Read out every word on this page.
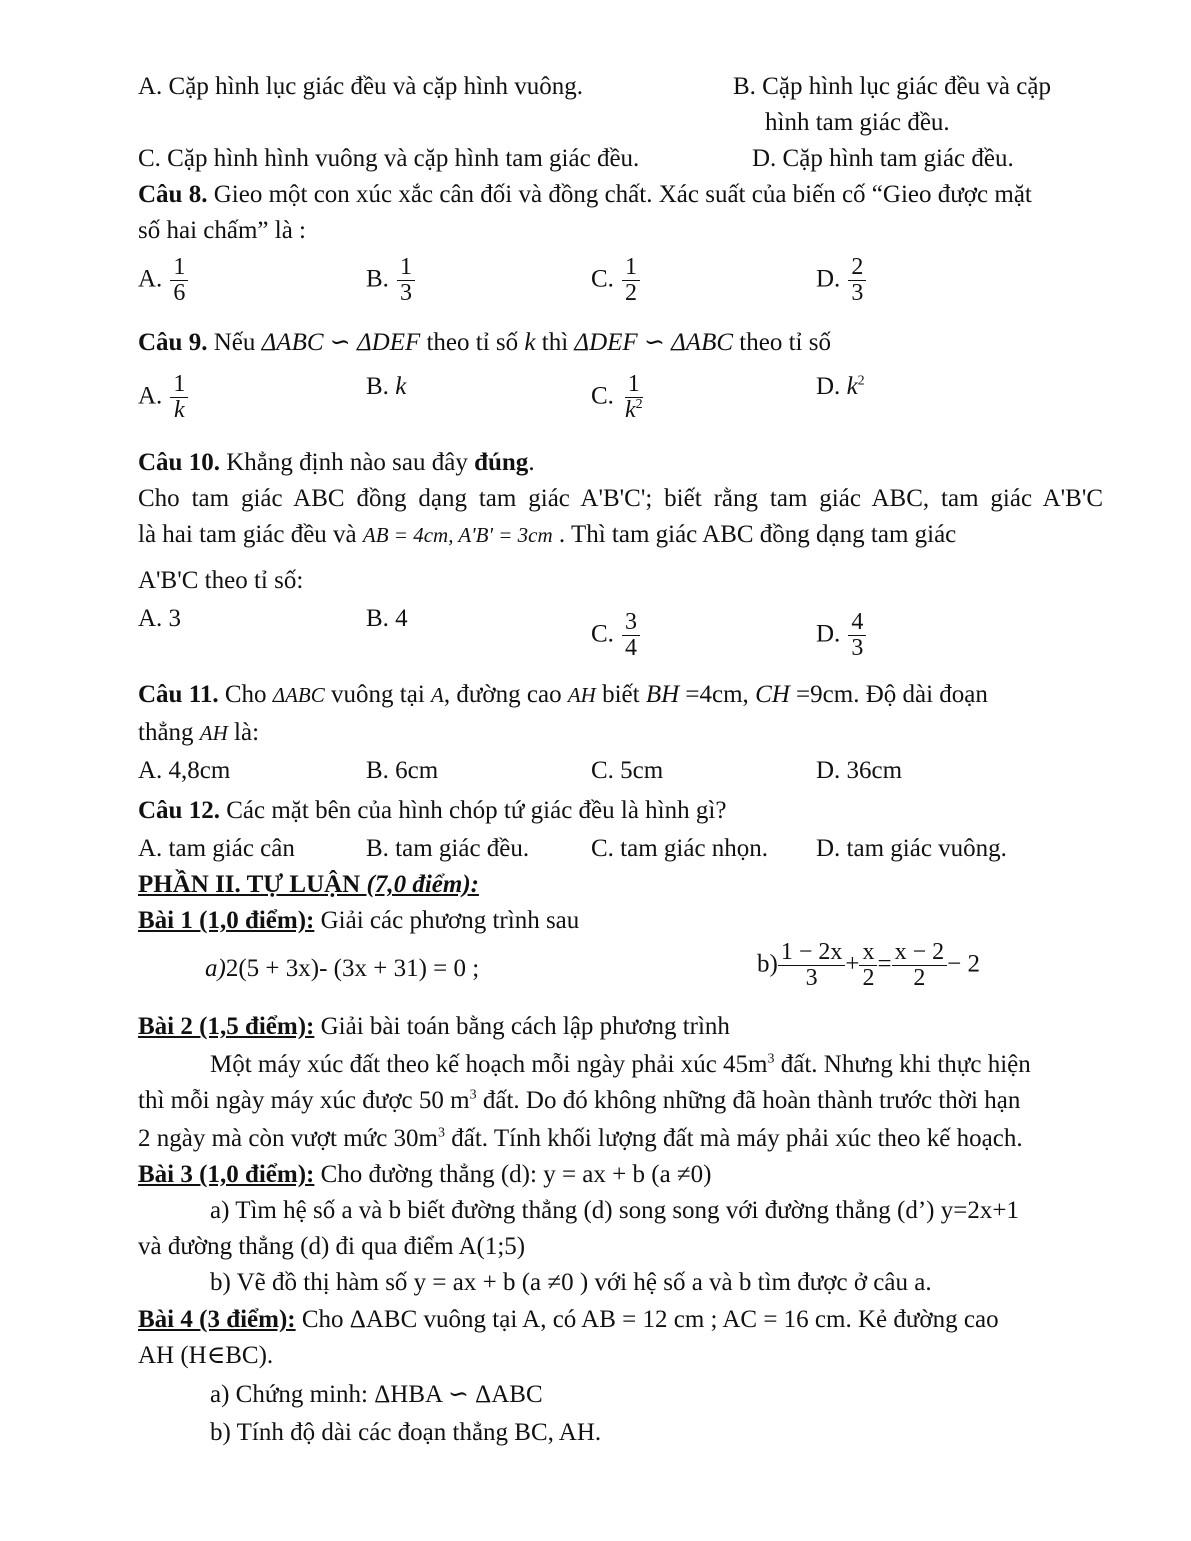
A. Cặp hình lục giác đều và cặp hình vuông.	B. Cặp hình lục giác đều và cặp
hình tam giác đều.
C. Cặp hình hình vuông và cặp hình tam giác đều.	D. Cặp hình tam giác đều.
Câu 8. Gieo một con xúc xắc cân đối và đồng chất. Xác suất của biến cố “Gieo được mặt
số hai chấm” là :
A. $\frac{1}{6}$	B. $\frac{1}{3}$	C. $\frac{1}{2}$	D. $\frac{2}{3}$
Câu 9. Nếu ΔABC ∽ ΔDEF theo tỉ số k thì ΔDEF ∽ ΔABC theo tỉ số
A. $\frac{1}{k}$	B. k	C. $\frac{1}{k^2}$	D. $k^2$
Câu 10. Khẳng định nào sau đây đúng.
Cho tam giác ABC đồng dạng tam giác A'B'C'; biết rằng tam giác ABC, tam giác A'B'C
là hai tam giác đều và AB = 4cm, A'B' = 3cm . Thì tam giác ABC đồng dạng tam giác
A'B'C theo tỉ số:
A. 3	B. 4
C. $\frac{3}{4}$	D. $\frac{4}{3}$
Câu 11. Cho ΔABC vuông tại A, đường cao AH biết BH =4cm, CH =9cm. Độ dài đoạn
thẳng AH là:
A. 4,8cm	B. 6cm	C. 5cm	D. 36cm
Câu 12. Các mặt bên của hình chóp tứ giác đều là hình gì?
A. tam giác cân	B. tam giác đều. C. tam giác nhọn. D. tam giác vuông.
PHẦN II. TỰ LUẬN (7,0 điểm):
Bài 1 (1,0 điểm): Giải các phương trình sau
a)2(5 + 3x)- (3x + 31) = 0 ;	$b) \frac{1 - 2x}{3} + \frac{x}{2} = \frac{x - 2}{2} - 2$
Bài 2 (1,5 điểm): Giải bài toán bằng cách lập phương trình
Một máy xúc đất theo kế hoạch mỗi ngày phải xúc $45m^3$ đất. Nhưng khi thực hiện
thì mỗi ngày máy xúc được 50 $m^3$ đất. Do đó không những đã hoàn thành trước thời hạn
2 ngày mà còn vượt mức $30m^3$ đất. Tính khối lượng đất mà máy phải xúc theo kế hoạch.
Bài 3 (1,0 điểm): Cho đường thẳng (d): y = ax + b (a ≠0)
a) Tìm hệ số a và b biết đường thẳng (d) song song với đường thẳng (d’) y=2x+1
và đường thẳng (d) đi qua điểm A(1;5)
b) Vẽ đồ thị hàm số y = ax + b (a ≠0 ) với hệ số a và b tìm được ở câu a.
Bài 4 (3 điểm): Cho ΔABC vuông tại A, có AB = 12 cm ; AC = 16 cm. Kẻ đường cao
AH (H∈BC).
a) Chứng minh: ΔHBA ∽ ΔABC
b) Tính độ dài các đoạn thẳng BC, AH.
